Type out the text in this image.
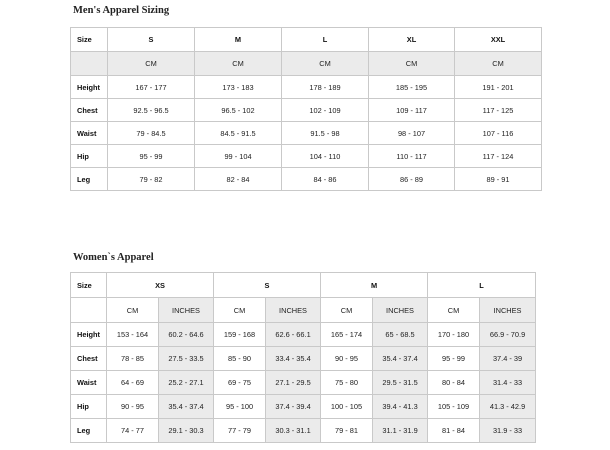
Men's Apparel Sizing
Size	S	M	L	XL	XXL
	CM	CM	CM	CM	CM
Height	167 - 177	173 - 183	178 - 189	185 - 195	191 - 201
Chest	92.5 - 96.5	96.5 - 102	102 - 109	109 - 117	117 - 125
Waist	79 - 84.5	84.5 - 91.5	91.5 - 98	98 - 107	107 - 116
Hip	95 - 99	99 - 104	104 - 110	110 - 117	117 - 124
Leg	79 - 82	82 - 84	84 - 86	86 - 89	89 - 91
Women`s Apparel
Size	XS		S		M		L	
	CM	INCHES	CM	INCHES	CM	INCHES	CM	INCHES
Height	153 - 164	60.2 - 64.6	159 - 168	62.6 - 66.1	165 - 174	65 - 68.5	170 - 180	66.9 - 70.9
Chest	78 - 85	27.5 - 33.5	85 - 90	33.4 - 35.4	90 - 95	35.4 - 37.4	95 - 99	37.4 - 39
Waist	64 - 69	25.2 - 27.1	69 - 75	27.1 - 29.5	75 - 80	29.5 - 31.5	80 - 84	31.4 - 33
Hip	90 - 95	35.4 - 37.4	95 - 100	37.4 - 39.4	100 - 105	39.4 - 41.3	105 - 109	41.3 - 42.9
Leg	74 - 77	29.1 - 30.3	77 - 79	30.3 - 31.1	79 - 81	31.1 - 31.9	81 - 84	31.9 - 33
